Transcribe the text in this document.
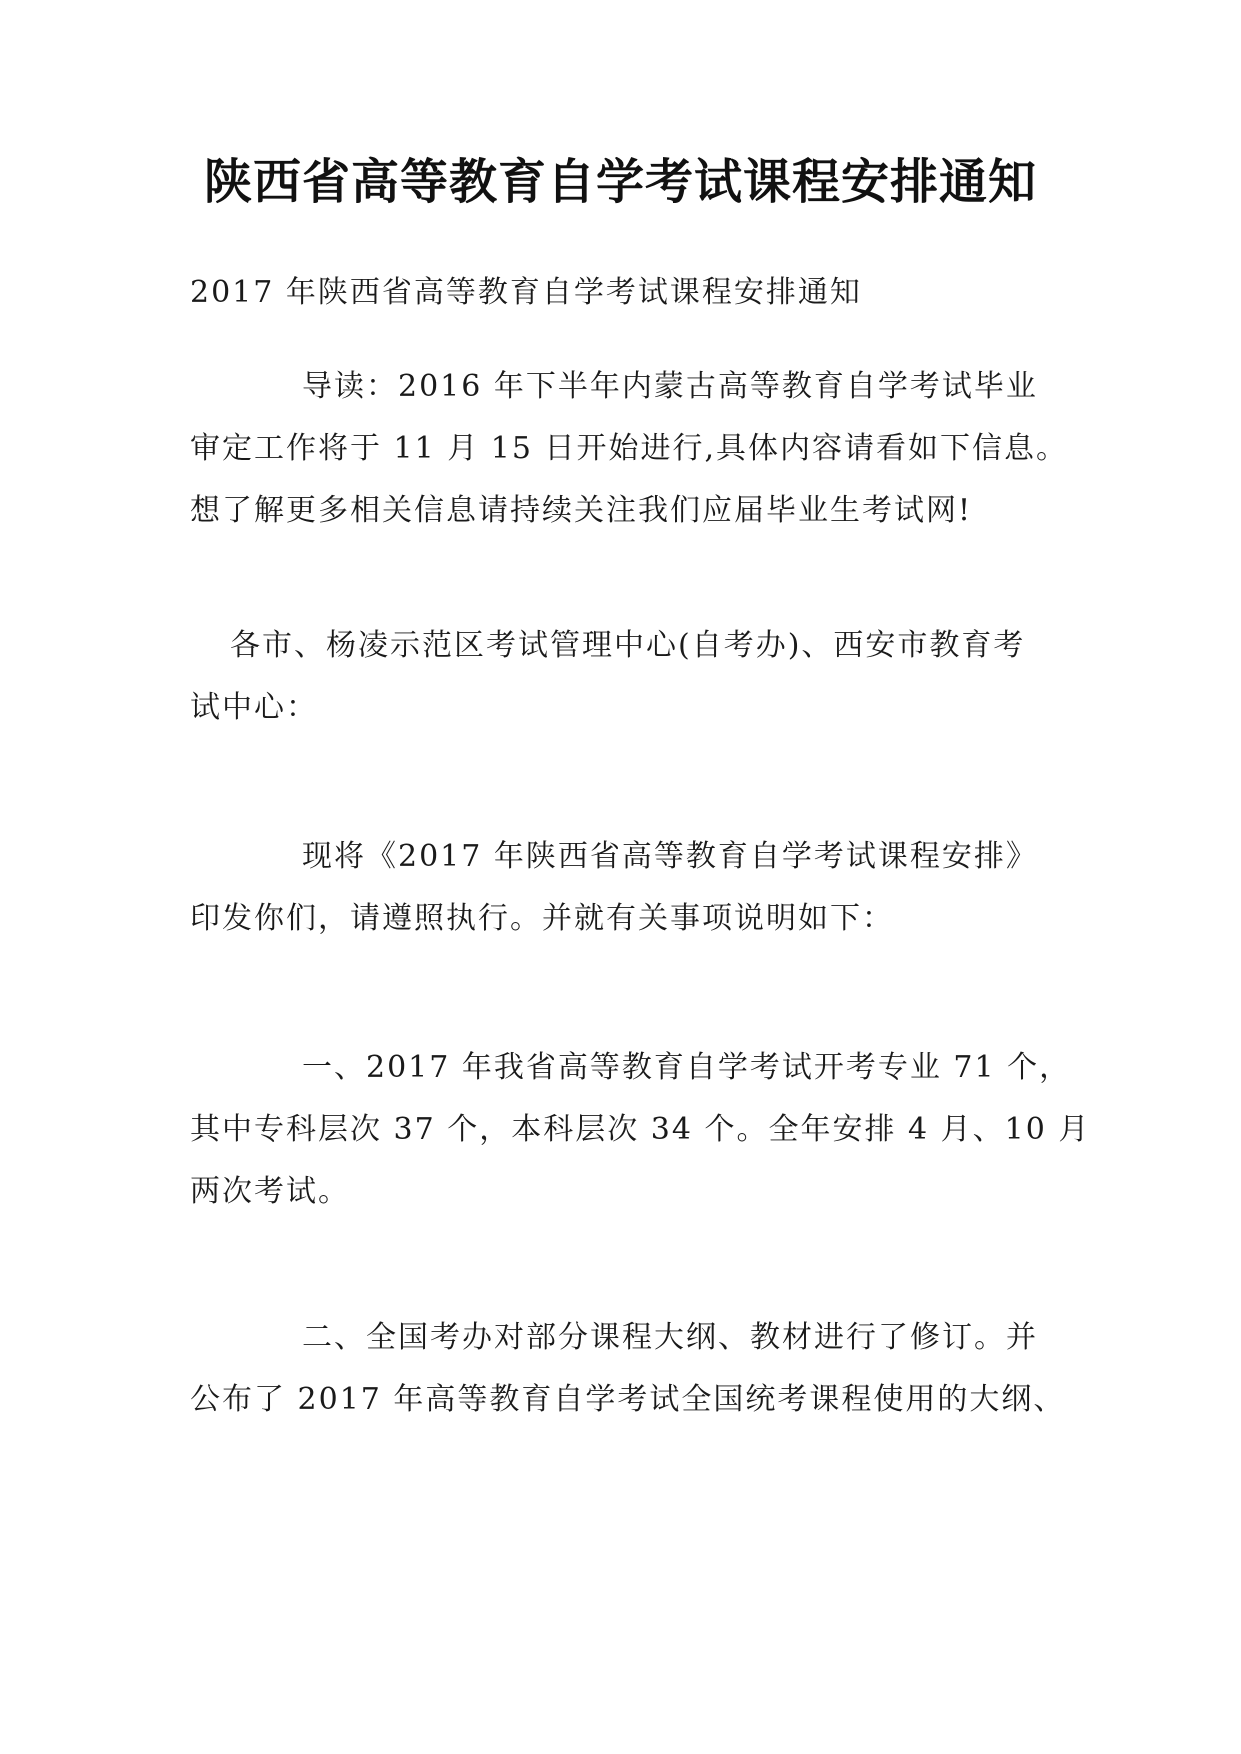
陕西省高等教育自学考试课程安排通知
2017 年陕西省高等教育自学考试课程安排通知
导读：2016 年下半年内蒙古高等教育自学考试毕业
审定工作将于 11 月 15 日开始进行,具体内容请看如下信息。
想了解更多相关信息请持续关注我们应届毕业生考试网!
各市、杨凌示范区考试管理中心(自考办)、西安市教育考
试中心：
现将《2017 年陕西省高等教育自学考试课程安排》
印发你们，请遵照执行。并就有关事项说明如下：
一、2017 年我省高等教育自学考试开考专业 71 个，
其中专科层次 37 个，本科层次 34 个。全年安排 4 月、10 月
两次考试。
二、全国考办对部分课程大纲、教材进行了修订。并
公布了 2017 年高等教育自学考试全国统考课程使用的大纲、
